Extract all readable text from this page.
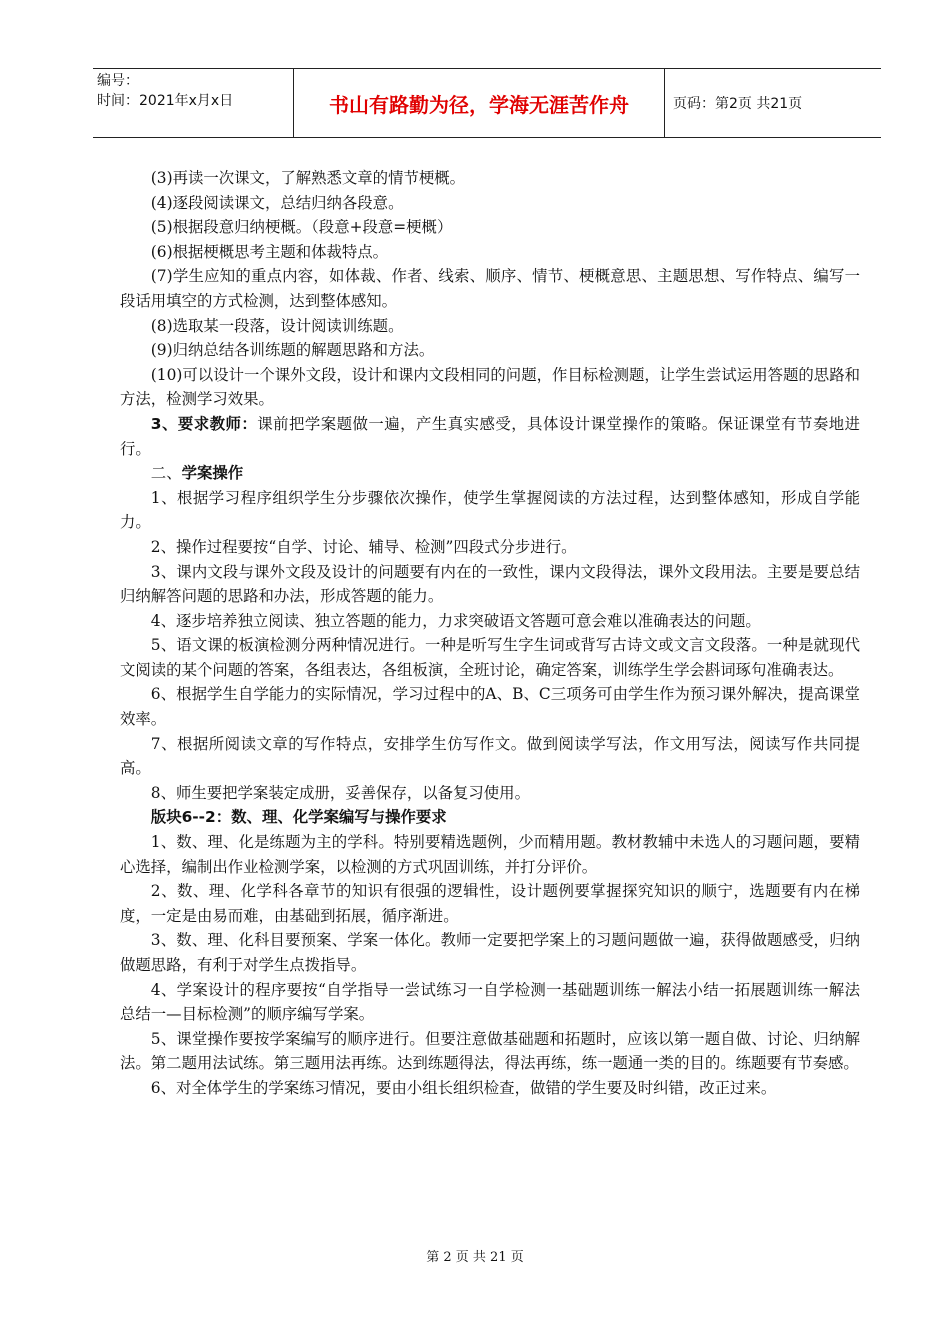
编号：
时间：2021年x月x日	书山有路勤为径，学海无涯苦作舟	页码：第2页 共21页

(3)再读一次课文，了解熟悉文章的情节梗概。

(4)逐段阅读课文，总结归纳各段意。

(5)根据段意归纳梗概。（段意+段意=梗概）

(6)根据梗概思考主题和体裁特点。

(7)学生应知的重点内容，如体裁、作者、线索、顺序、情节、梗概意思、主题思想、写作特点、编写一段话用填空的方式检测，达到整体感知。

(8)选取某一段落，设计阅读训练题。

(9)归纳总结各训练题的解题思路和方法。

(10)可以设计一个课外文段，设计和课内文段相同的问题，作目标检测题，让学生尝试运用答题的思路和方法，检测学习效果。

3、要求教师：课前把学案题做一遍，产生真实感受，具体设计课堂操作的策略。保证课堂有节奏地进行。

二、学案操作

1、根据学习程序组织学生分步骤依次操作，使学生掌握阅读的方法过程，达到整体感知，形成自学能力。

2、操作过程要按“自学、讨论、辅导、检测”四段式分步进行。

3、课内文段与课外文段及设计的问题要有内在的一致性，课内文段得法，课外文段用法。主要是要总结归纳解答问题的思路和办法，形成答题的能力。

4、逐步培养独立阅读、独立答题的能力，力求突破语文答题可意会难以准确表达的问题。

5、语文课的板演检测分两种情况进行。一种是听写生字生词或背写古诗文或文言文段落。一种是就现代文阅读的某个问题的答案，各组表达，各组板演，全班讨论，确定答案，训练学生学会斟词琢句准确表达。

6、根据学生自学能力的实际情况，学习过程中的A、B、C三项务可由学生作为预习课外解决，提高课堂效率。

7、根据所阅读文章的写作特点，安排学生仿写作文。做到阅读学写法，作文用写法，阅读写作共同提高。

8、师生要把学案装定成册，妥善保存，以备复习使用。

版块6--2：数、理、化学案编写与操作要求

1、数、理、化是练题为主的学科。特别要精选题例，少而精用题。教材教辅中未选人的习题问题，要精心选择，编制出作业检测学案，以检测的方式巩固训练，并打分评价。

2、数、理、化学科各章节的知识有很强的逻辑性，设计题例要掌握探究知识的顺宁，选题要有内在梯度，一定是由易而难，由基础到拓展，循序渐进。

3、数、理、化科目要预案、学案一体化。教师一定要把学案上的习题问题做一遍，获得做题感受，归纳做题思路，有利于对学生点拨指导。

4、学案设计的程序要按“自学指导一尝试练习一自学检测一基础题训练一解法小结一拓展题训练一解法总结一—目标检测”的顺序编写学案。

5、课堂操作要按学案编写的顺序进行。但要注意做基础题和拓题时，应该以第一题自做、讨论、归纳解法。第二题用法试练。第三题用法再练。达到练题得法，得法再练，练一题通一类的目的。练题要有节奏感。

6、对全体学生的学案练习情况，要由小组长组织检查，做错的学生要及时纠错，改正过来。

第 2 页 共 21 页
